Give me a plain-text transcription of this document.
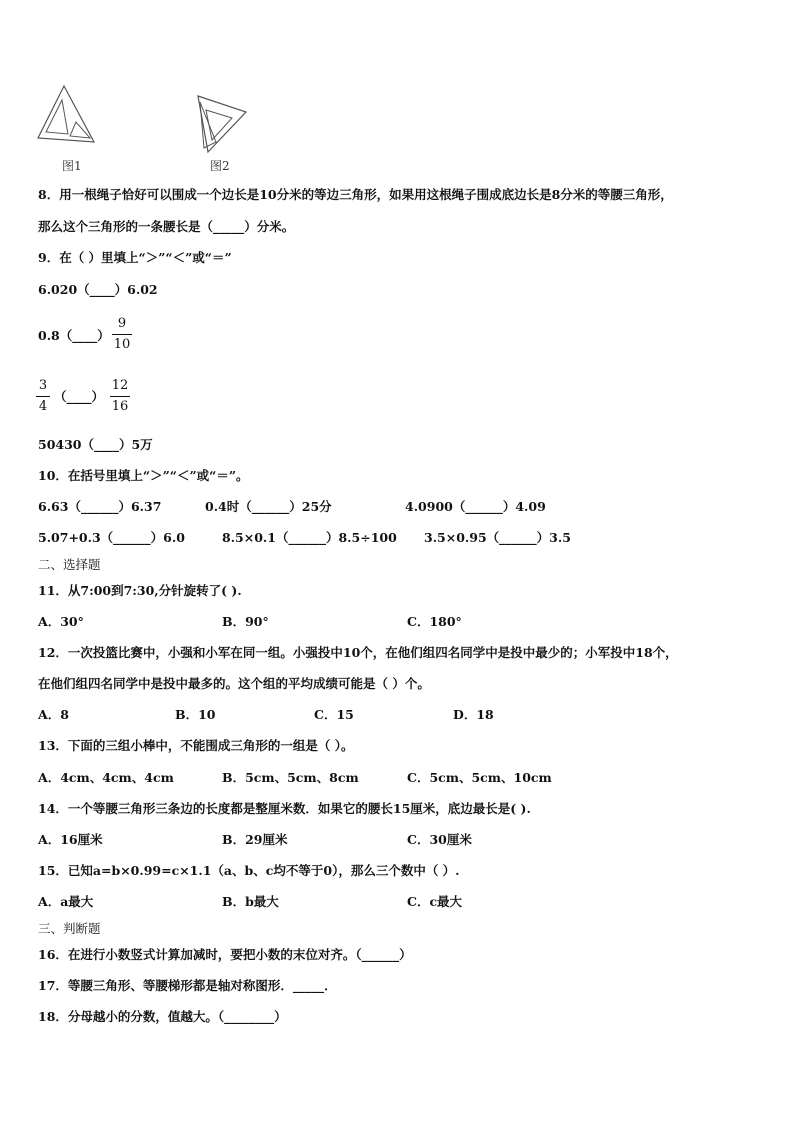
图1	图2
8．用一根绳子恰好可以围成一个边长是10分米的等边三角形，如果用这根绳子围成底边长是8分米的等腰三角形，
那么这个三角形的一条腰长是（_____）分米。
9．在（ ）里填上“＞”“＜”或“＝”
6.020（____）6.02
0.8（____）
9
10
3
4
（____）
12
16
50430（____）5万
10．在括号里填上“＞”“＜”或“＝”。
6.63（______）6.37	0.4时（______）25分	4.0900（______）4.09
5.07+0.3（______）6.0	8.5×0.1（______）8.5÷100 3.5×0.95（______）3.5
二、选择题
11．从7:00到7:30,分针旋转了( ).
A．30°	B．90°	C．180°
12．一次投篮比赛中，小强和小军在同一组。小强投中10个，在他们组四名同学中是投中最少的；小军投中18个，
在他们组四名同学中是投中最多的。这个组的平均成绩可能是（ ）个。
A．8	B．10	C．15	D．18
13．下面的三组小棒中，不能围成三角形的一组是（ ）。
A．4cm、4cm、4cm	B．5cm、5cm、8cm	C．5cm、5cm、10cm
14．一个等腰三角形三条边的长度都是整厘米数．如果它的腰长15厘米，底边最长是( ).
A．16厘米	B．29厘米	C．30厘米
15．已知a=b×0.99=c×1.1（a、b、c均不等于0），那么三个数中（ ）.
A．a最大	B．b最大	C．c最大
三、判断题
16．在进行小数竖式计算加减时，要把小数的末位对齐。（______）
17．等腰三角形、等腰梯形都是轴对称图形．_____．
18．分母越小的分数，值越大。（________）
